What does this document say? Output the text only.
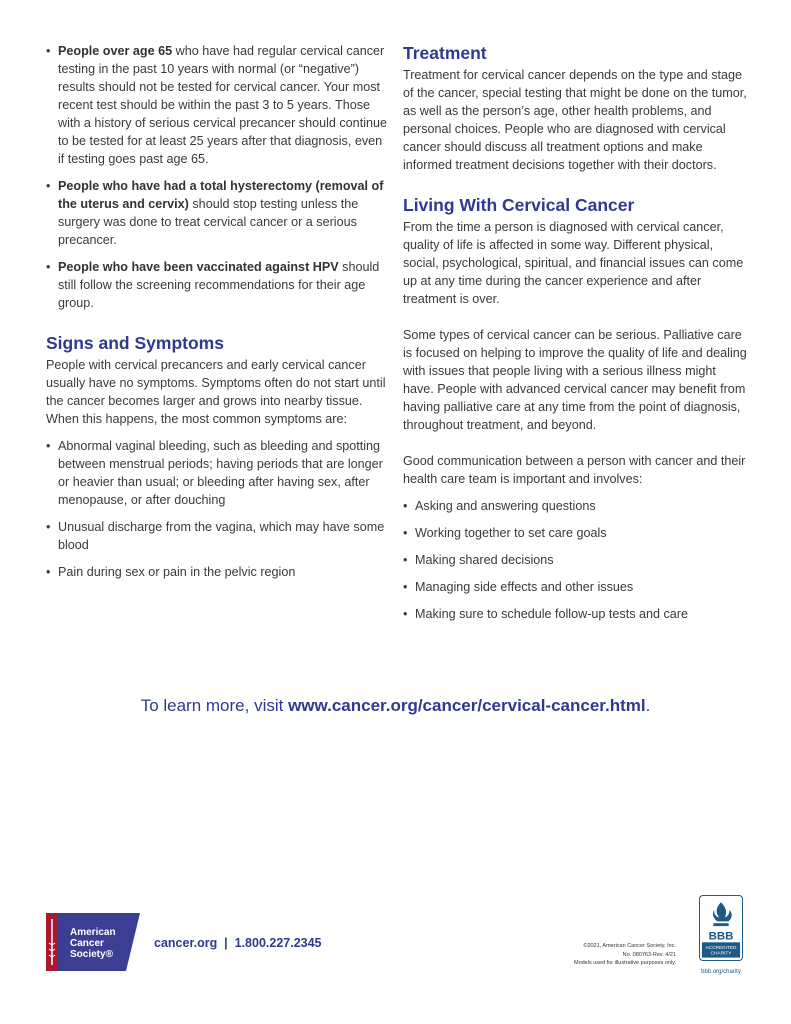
• People over age 65 who have had regular cervical cancer testing in the past 10 years with normal (or “negative”) results should not be tested for cervical cancer. Your most recent test should be within the past 3 to 5 years. Those with a history of serious cervical precancer should continue to be tested for at least 25 years after that diagnosis, even if testing goes past age 65.
• People who have had a total hysterectomy (removal of the uterus and cervix) should stop testing unless the surgery was done to treat cervical cancer or a serious precancer.
• People who have been vaccinated against HPV should still follow the screening recommendations for their age group.
Signs and Symptoms

People with cervical precancers and early cervical cancer usually have no symptoms. Symptoms often do not start until the cancer becomes larger and grows into nearby tissue. When this happens, the most common symptoms are:

• Abnormal vaginal bleeding, such as bleeding and spotting between menstrual periods; having periods that are longer or heavier than usual; or bleeding after having sex, after menopause, or after douching
• Unusual discharge from the vagina, which may have some blood
• Pain during sex or pain in the pelvic region
Treatment

Treatment for cervical cancer depends on the type and stage of the cancer, special testing that might be done on the tumor, as well as the person’s age, other health problems, and personal choices. People who are diagnosed with cervical cancer should discuss all treatment options and make informed treatment decisions together with their doctors.

Living With Cervical Cancer

From the time a person is diagnosed with cervical cancer, quality of life is affected in some way. Different physical, social, psychological, spiritual, and financial issues can come up at any time during the cancer experience and after treatment is over.

Some types of cervical cancer can be serious. Palliative care is focused on helping to improve the quality of life and dealing with issues that people living with a serious illness might have. People with advanced cervical cancer may benefit from having palliative care at any time from the point of diagnosis, throughout treatment, and beyond.

Good communication between a person with cancer and their health care team is important and involves:

• Asking and answering questions
• Working together to set care goals
• Making shared decisions
• Managing side effects and other issues
• Making sure to schedule follow-up tests and care
To learn more, visit www.cancer.org/cancer/cervical-cancer.html.
American
Cancer
Society®
cancer.org  |  1.800.227.2345	©2021, American Cancer Society, Inc.
No. 080763-Rev. 4/21
Models used for illustrative purposes only.
BBB
ACCREDITED
CHARITY
bbb.org/charity
